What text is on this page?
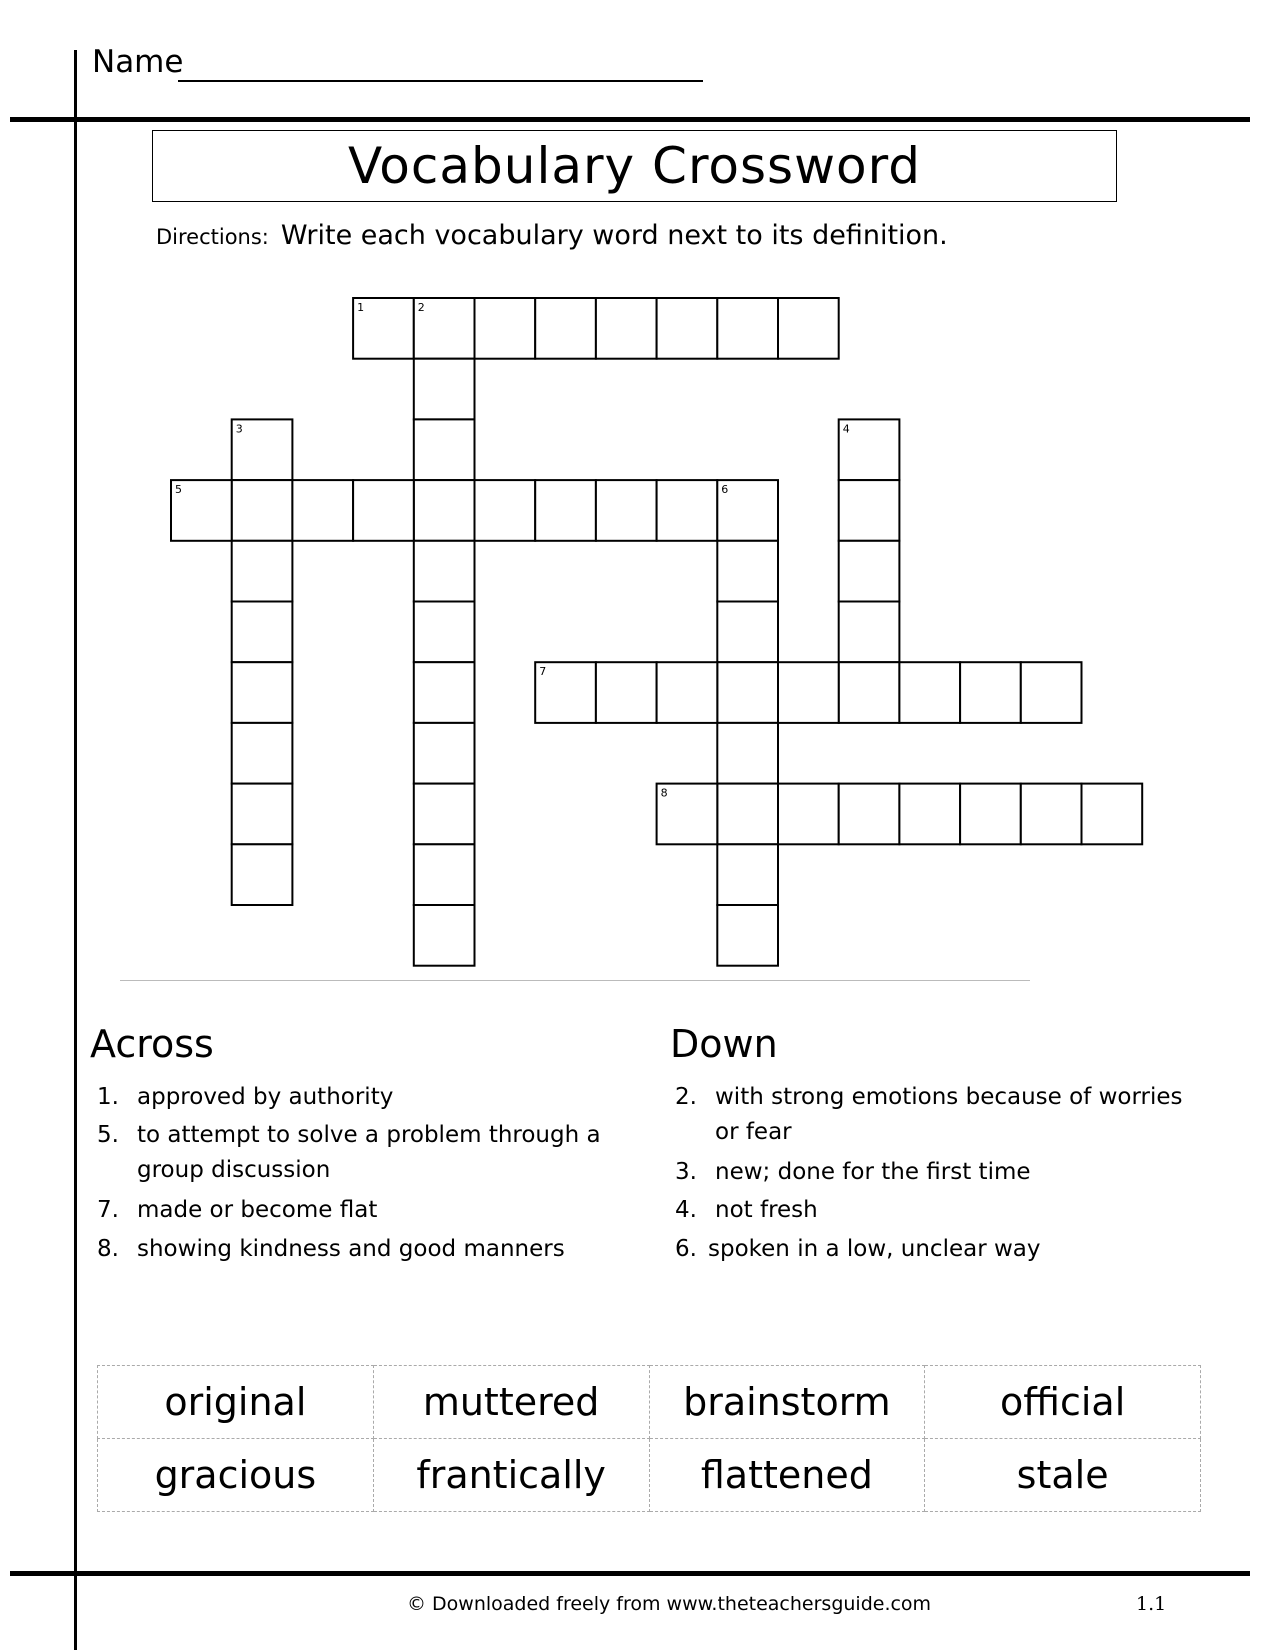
Name
Vocabulary Crossword
Directions: Write each vocabulary word next to its definition.
1	2
3	4
5	6
7
8
Across
1. approved by authority
5. to attempt to solve a problem through a
group discussion
7. made or become flat
8. showing kindness and good manners
Down
2. with strong emotions because of worries
or fear
3. new; done for the first time
4. not fresh
6. spoken in a low, unclear way
original	muttered	brainstorm	official
gracious	frantically	flattened	stale
© Downloaded freely from www.theteachersguide.com	1.1
